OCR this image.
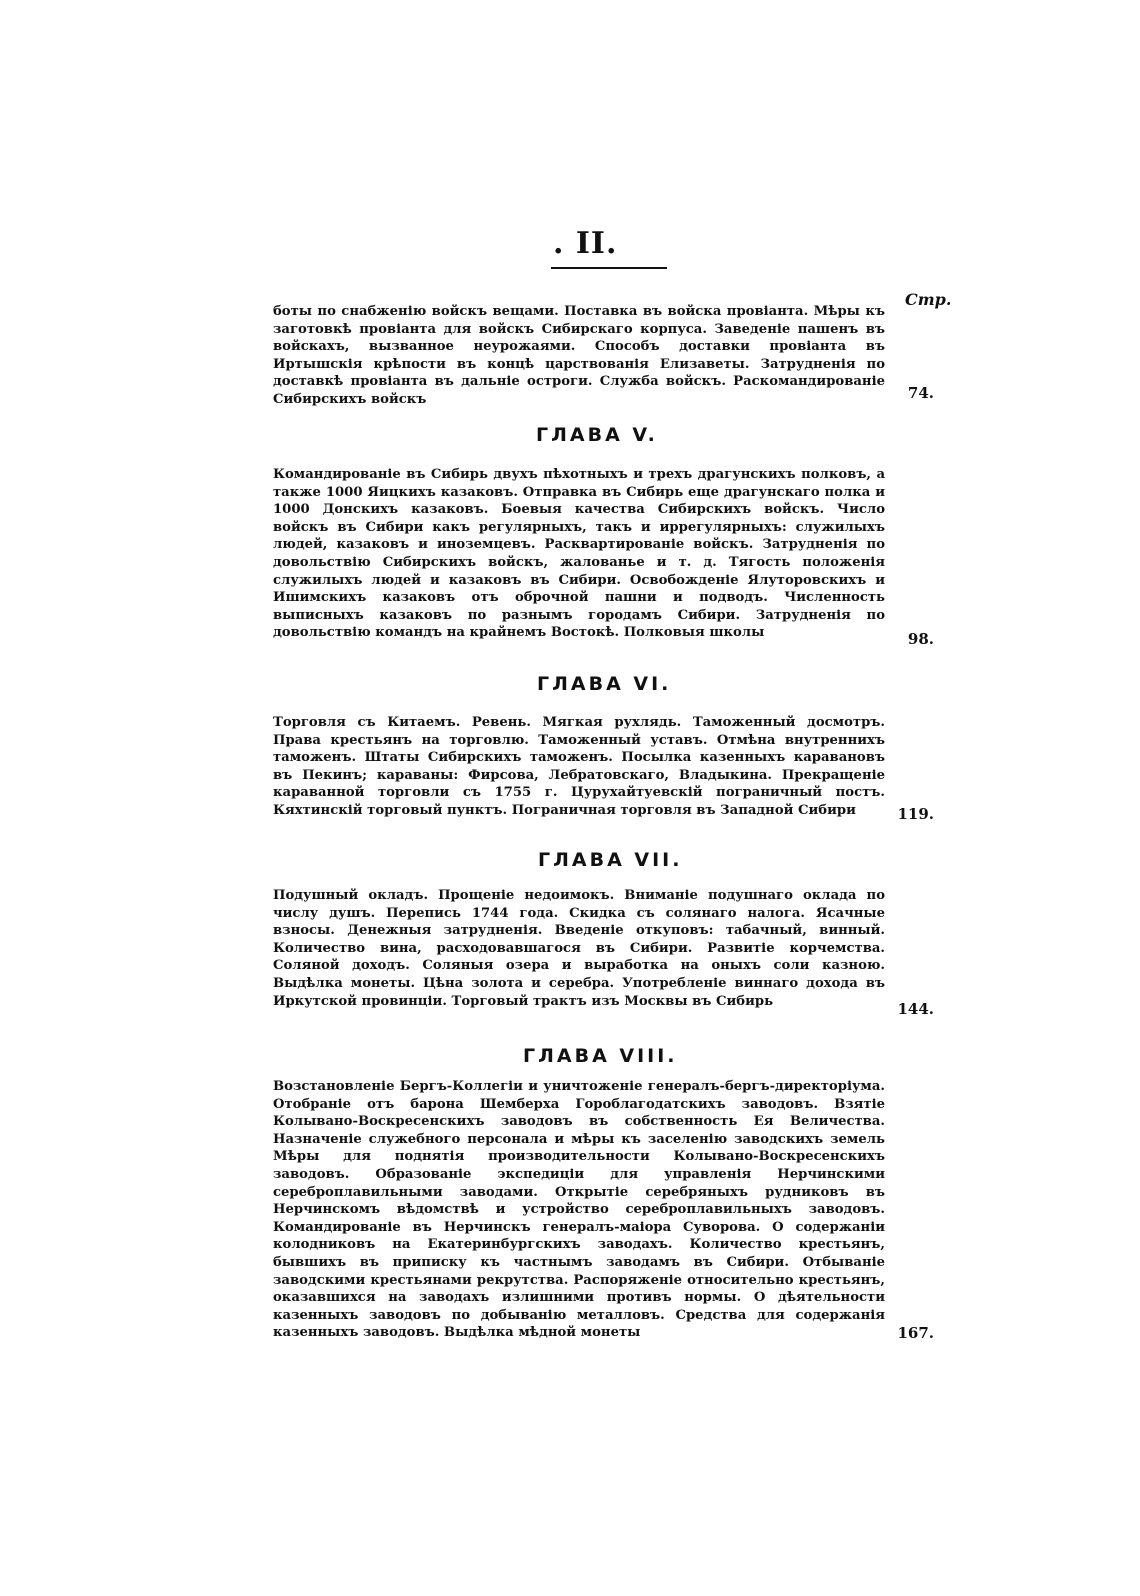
. II.
Стр.
боты по снабженію войскъ вещами. Поставка въ войска провіанта. Мѣры къ заготовкѣ провіанта для войскъ Сибирскаго корпуса. Заведеніе пашенъ въ войскахъ, вызванное неурожаями. Способъ доставки провіанта въ Иртышскія крѣпости въ концѣ царствованія Елизаветы. Затрудненія по доставкѣ провіанта въ дальніе остроги. Служба войскъ. Раскомандированіе Сибирскихъ войскъ	74.
ГЛАВА V.
Командированіе въ Сибирь двухъ пѣхотныхъ и трехъ драгунскихъ полковъ, а также 1000 Яицкихъ казаковъ. Отправка въ Сибирь еще драгунскаго полка и 1000 Донскихъ казаковъ. Боевыя качества Сибирскихъ войскъ. Число войскъ въ Сибири какъ регулярныхъ, такъ и иррегулярныхъ: служилыхъ людей, казаковъ и иноземцевъ. Расквартированіе войскъ. Затрудненія по довольствію Сибирскихъ войскъ, жалованье и т. д. Тягость положенія служилыхъ людей и казаковъ въ Сибири. Освобожденіе Ялуторовскихъ и Ишимскихъ казаковъ отъ оброчной пашни и подводъ. Численность выписныхъ казаковъ по разнымъ городамъ Сибири. Затрудненія по довольствію командъ на крайнемъ Востокѣ. Полковыя школы	98.
ГЛАВА VI.
Торговля съ Китаемъ. Ревень. Мягкая рухлядь. Таможенный досмотръ. Права крестьянъ на торговлю. Таможенный уставъ. Отмѣна внутреннихъ таможенъ. Штаты Сибирскихъ таможенъ. Посылка казенныхъ каравановъ въ Пекинъ; караваны: Фирсова, Лебратовскаго, Владыкина. Прекращеніе караванной торговли съ 1755 г. Цурухайтуевскій пограничный постъ. Кяхтинскій торговый пунктъ. Пограничная торговля въ Западной Сибири	119.
ГЛАВА VII.
Подушный окладъ. Прощеніе недоимокъ. Вниманіе подушнаго оклада по числу душъ. Перепись 1744 года. Скидка съ солянаго налога. Ясачные взносы. Денежныя затрудненія. Введеніе откуповъ: табачный, винный. Количество вина, расходовавшагося въ Сибири. Развитіе корчемства. Соляной доходъ. Соляныя озера и выработка на оныхъ соли казною. Выдѣлка монеты. Цѣна золота и серебра. Употребленіе виннаго дохода въ Иркутской провинціи. Торговый трактъ изъ Москвы въ Сибирь	144.
ГЛАВА VIII.
Возстановленіе Бергъ-Коллегіи и уничтоженіе генералъ-бергъ-директоріума. Отобраніе отъ барона Шемберха Гороблагодатскихъ заводовъ. Взятіе Колывано-Воскресенскихъ заводовъ въ собственность Ея Величества. Назначеніе служебного персонала и мѣры къ заселенію заводскихъ земель Мѣры для поднятія производительности Колывано-Воскресенскихъ заводовъ. Образованіе экспедиціи для управленія Нерчинскими сереброплавильными заводами. Открытіе серебряныхъ рудниковъ въ Нерчинскомъ вѣдомствѣ и устройство сереброплавильныхъ заводовъ. Командированіе въ Нерчинскъ генералъ-маіора Суворова. О содержаніи колодниковъ на Екатеринбургскихъ заводахъ. Количество крестьянъ, бывшихъ въ приписку къ частнымъ заводамъ въ Сибири. Отбываніе заводскими крестьянами рекрутства. Распоряженіе относительно крестьянъ, оказавшихся на заводахъ излишними противъ нормы. О дѣятельности казенныхъ заводовъ по добыванію металловъ. Средства для содержанія казенныхъ заводовъ. Выдѣлка мѣдной монеты	167.
